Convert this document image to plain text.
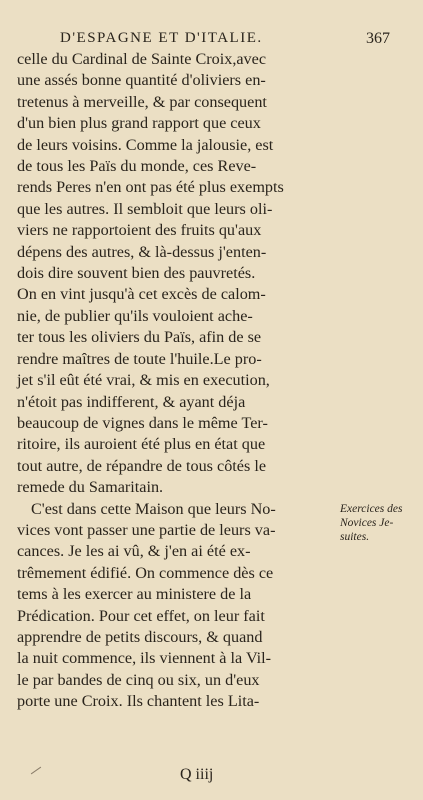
D'ESPAGNE ET D'ITALIE.	367
celle du Cardinal de Sainte Croix,avec
une assés bonne quantité d'oliviers en-
tretenus à merveille, & par consequent
d'un bien plus grand rapport que ceux
de leurs voisins. Comme la jalousie, est
de tous les Païs du monde, ces Reve-
rends Peres n'en ont pas été plus exempts
que les autres. Il sembloit que leurs oli-
viers ne rapportoient des fruits qu'aux
dépens des autres, & là-dessus j'enten-
dois dire souvent bien des pauvretés.
On en vint jusqu'à cet excès de calom-
nie, de publier qu'ils vouloient ache-
ter tous les oliviers du Païs, afin de se
rendre maîtres de toute l'huile.Le pro-
jet s'il eût été vrai, & mis en execution,
n'étoit pas indifferent, & ayant déja
beaucoup de vignes dans le même Ter-
ritoire, ils auroient été plus en état que
tout autre, de répandre de tous côtés le
remede du Samaritain.
C'est dans cette Maison que leurs No-
vices vont passer une partie de leurs va-
cances. Je les ai vû, & j'en ai été ex-
trêmement édifié. On commence dès ce
tems à les exercer au ministere de la
Prédication. Pour cet effet, on leur fait
apprendre de petits discours, & quand
la nuit commence, ils viennent à la Vil-
le par bandes de cinq ou six, un d'eux
porte une Croix. Ils chantent les Lita-
Exercices des
Novices Je-
suites.
Q iiij
